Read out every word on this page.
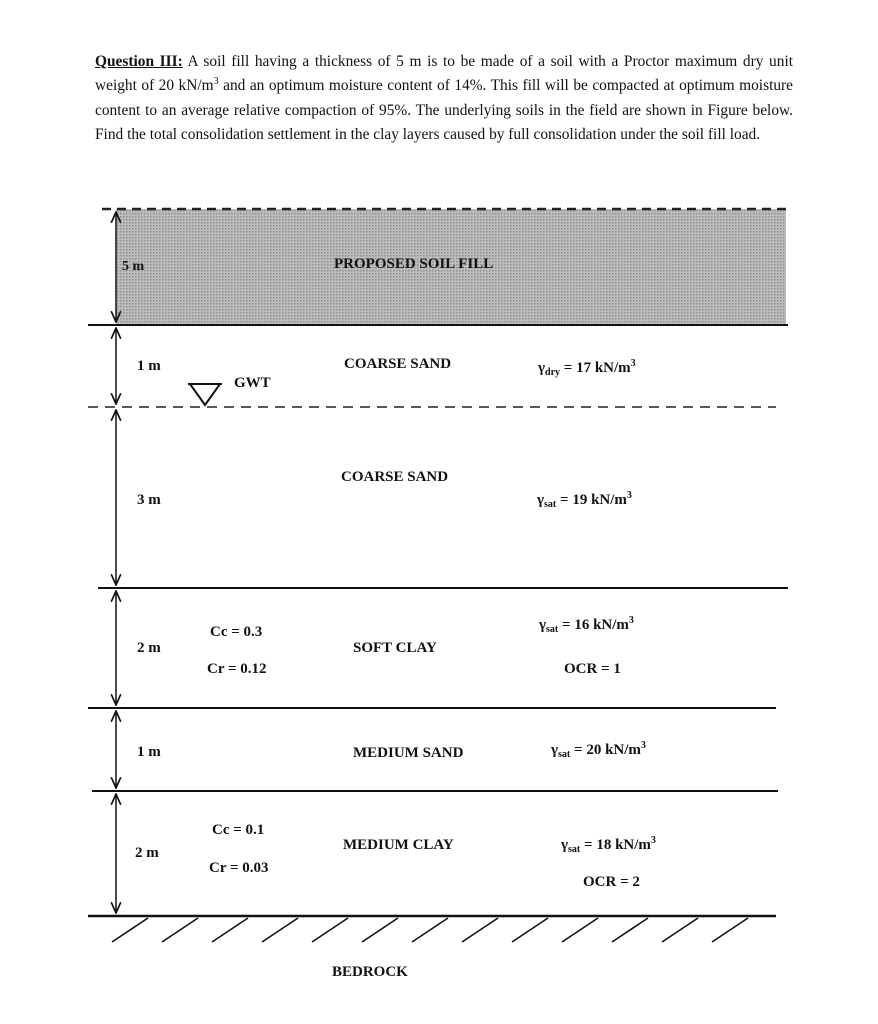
Question III: A soil fill having a thickness of 5 m is to be made of a soil with a Proctor maximum dry unit weight of 20 $kN/m^3$ and an optimum moisture content of 14%. This fill will be compacted at optimum moisture content to an average relative compaction of 95%. The underlying soils in the field are shown in Figure below. Find the total consolidation settlement in the clay layers caused by full consolidation under the soil fill load.
GWT
5 m	PROPOSED SOIL FILL
1 m	COARSE SAND	$\gamma_{dry} = 17$ $kN/m^3$
3 m
COARSE SAND
$\gamma_{sat} = 19$ $kN/m^3$
2 m
Cc = 0.3
Cr = 0.12
SOFT CLAY
$\gamma_{sat} = 16$ $kN/m^3$
OCR = 1
1 m	MEDIUM SAND	$\gamma_{sat} = 20$ $kN/m^3$
2 m
Cc = 0.1
Cr = 0.03
MEDIUM CLAY	$\gamma_{sat} = 18$ $kN/m^3$
OCR = 2
BEDROCK
